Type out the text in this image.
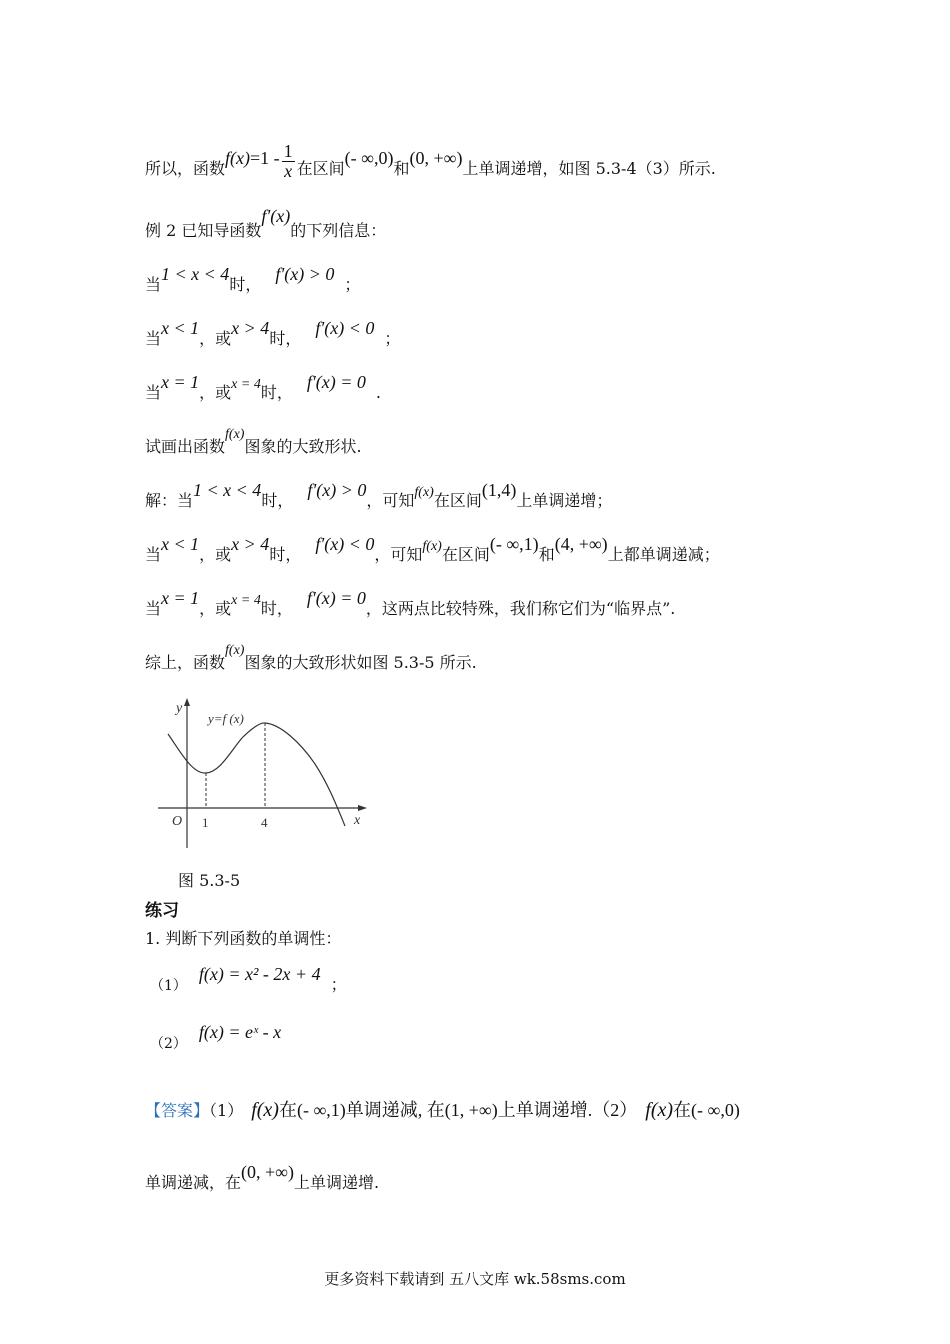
所以，函数$f(x)=1 - \frac{1}{x}$ 在区间(- ∞,0)和(0, +∞)上单调递增，如图 5.3-4（3）所示.
例 2 已知导函数f′(x)的下列信息：
当1 < x < 4时，f′(x) > 0；
当x < 1，或x > 4时，f′(x) < 0；
当x = 1，或x = 4时，f′(x) = 0.
试画出函数f(x)图象的大致形状.
解：当1 < x < 4时，f′(x) > 0，可知f(x)在区间(1,4)上单调递增；
当x < 1，或x > 4时，f′(x) < 0，可知f(x)在区间(- ∞,1)和(4, +∞)上都单调递减；
当x = 1，或x = 4时，f′(x) = 0，这两点比较特殊，我们称它们为“临界点”.
综上，函数f(x)图象的大致形状如图 5.3-5 所示.
y
x
O 1	4
y=f (x)
图 5.3-5
练习
1. 判断下列函数的单调性：
（1）f(x) = x² - 2x + 4；
（2）f(x) = eˣ - x
【答案】（1） f(x)在(- ∞,1)单调递减, 在(1, +∞)上单调递增.（2） f(x)在(- ∞,0)
单调递减，在(0, +∞)上单调递增.
更多资料下载请到 五八文库 wk.58sms.com
